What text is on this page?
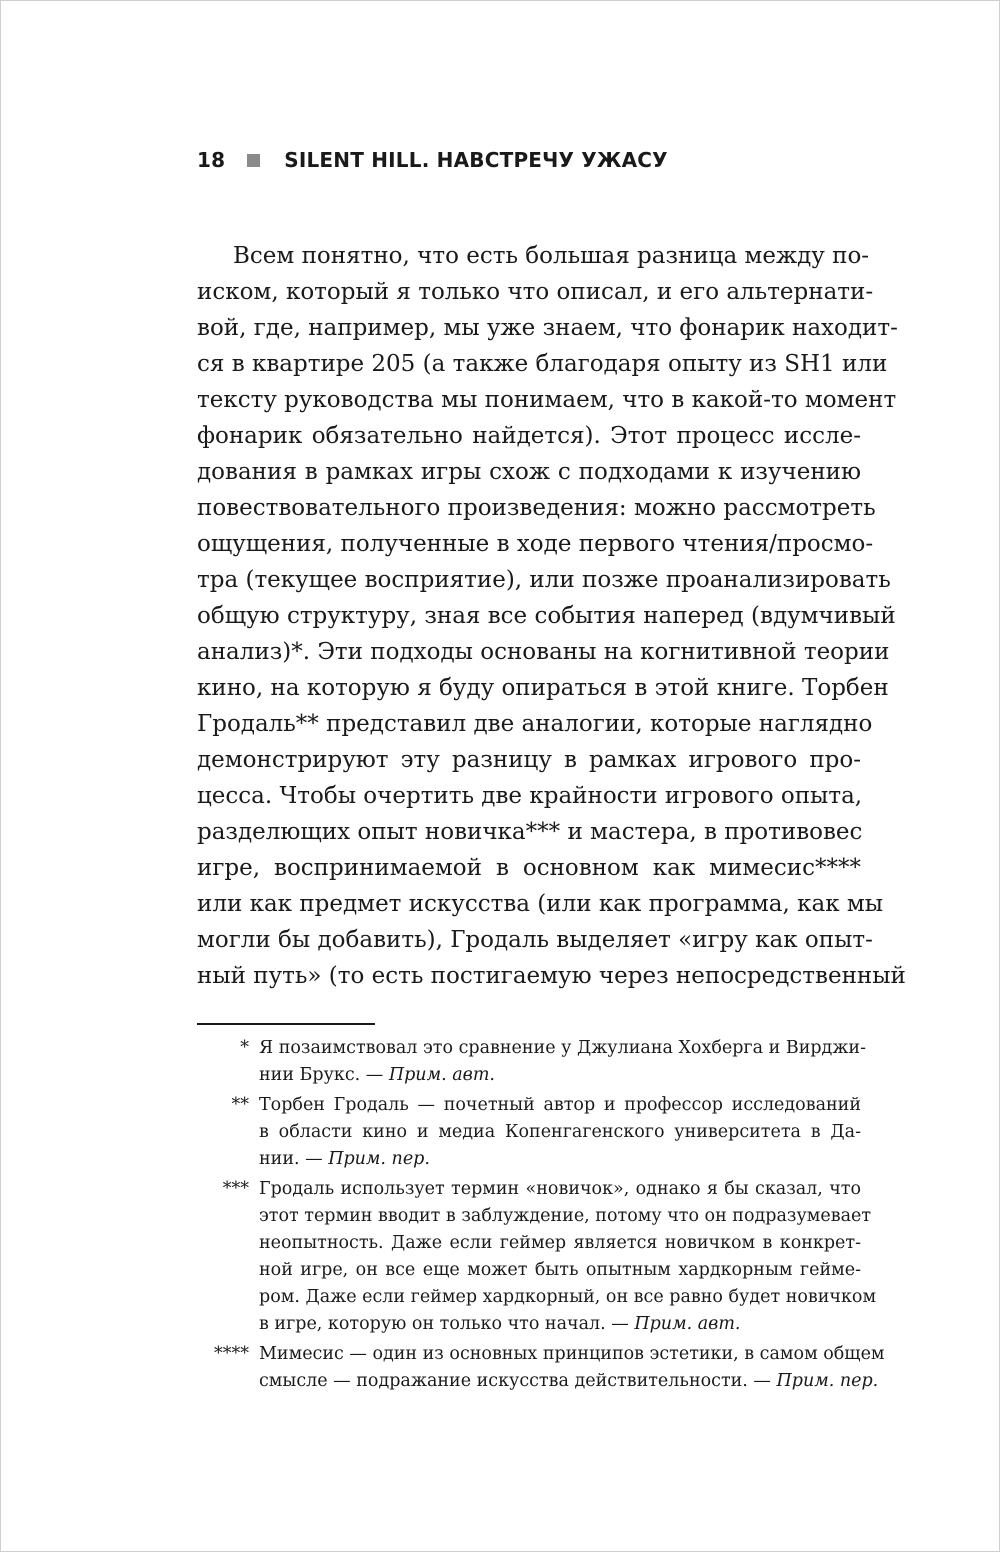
18	SILENT HILL. НАВСТРЕЧУ УЖАСУ
Всем понятно, что есть большая разница между по-
иском, который я только что описал, и его альтернати-
вой, где, например, мы уже знаем, что фонарик находит-
ся в квартире 205 (а также благодаря опыту из SH1 или
тексту руководства мы понимаем, что в какой-то момент
фонарик обязательно найдется). Этот процесс иссле-
дования в рамках игры схож с подходами к изучению
повествовательного произведения: можно рассмотреть
ощущения, полученные в ходе первого чтения/просмо-
тра (текущее восприятие), или позже проанализировать
общую структуру, зная все события наперед (вдумчивый
анализ)*. Эти подходы основаны на когнитивной теории
кино, на которую я буду опираться в этой книге. Торбен
Гродаль** представил две аналогии, которые наглядно
демонстрируют эту разницу в рамках игрового про-
цесса. Чтобы очертить две крайности игрового опыта,
разделющих опыт новичка*** и мастера, в противовес
игре, воспринимаемой в основном как мимесис****
или как предмет искусства (или как программа, как мы
могли бы добавить), Гродаль выделяет «игру как опыт-
ный путь» (то есть постигаемую через непосредственный
* Я позаимствовал это сравнение у Джулиана Хохберга и Вирджи-
нии Брукс. — Прим. авт.
** Торбен Гродаль — почетный автор и профессор исследований
в области кино и медиа Копенгагенского университета в Да-
нии. — Прим. пер.
*** Гродаль использует термин «новичок», однако я бы сказал, что
этот термин вводит в заблуждение, потому что он подразумевает
неопытность. Даже если геймер является новичком в конкрет-
ной игре, он все еще может быть опытным хардкорным гейме-
ром. Даже если геймер хардкорный, он все равно будет новичком
в игре, которую он только что начал. — Прим. авт.
**** Мимесис — один из основных принципов эстетики, в самом общем
смысле — подражание искусства действительности. — Прим. пер.
